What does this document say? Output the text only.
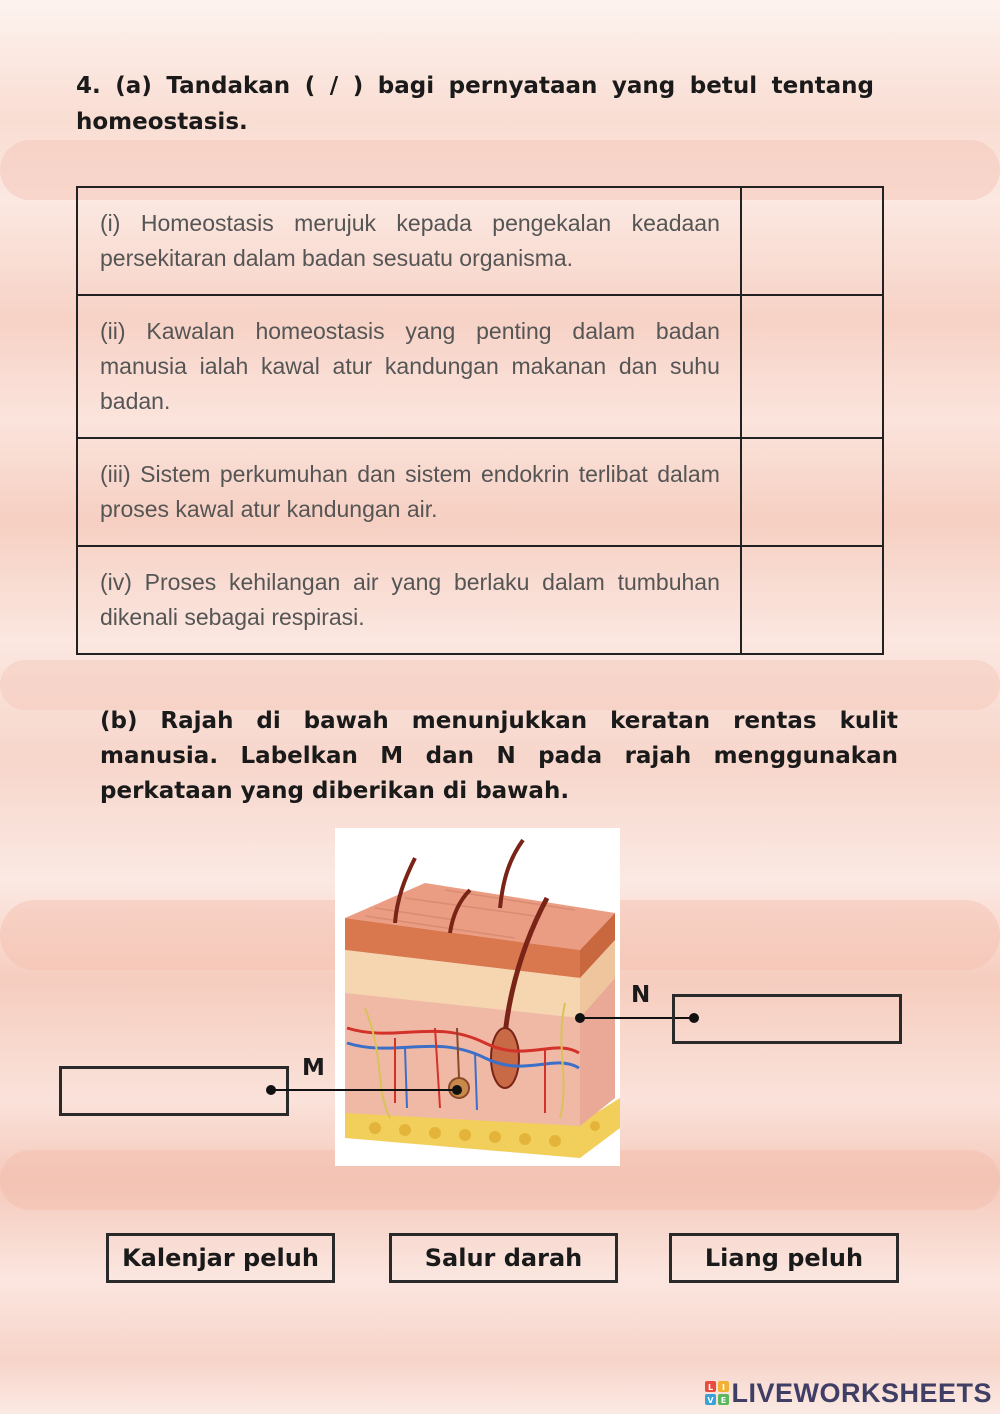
4. (a) Tandakan ( / ) bagi pernyataan yang betul tentang homeostasis.
(i) Homeostasis merujuk kepada pengekalan keadaan persekitaran dalam badan sesuatu organisma.	
(ii) Kawalan homeostasis yang penting dalam badan manusia ialah kawal atur kandungan makanan dan suhu badan.	
(iii) Sistem perkumuhan dan sistem endokrin terlibat dalam proses kawal atur kandungan air.	
(iv) Proses kehilangan air yang berlaku dalam tumbuhan dikenali sebagai respirasi.	
(b) Rajah di bawah menunjukkan keratan rentas kulit manusia. Labelkan M dan N pada rajah menggunakan perkataan yang diberikan di bawah.
N
M
Kalenjar peluh	Salur darah	Liang peluh
L I
V E LIVEWORKSHEETS
